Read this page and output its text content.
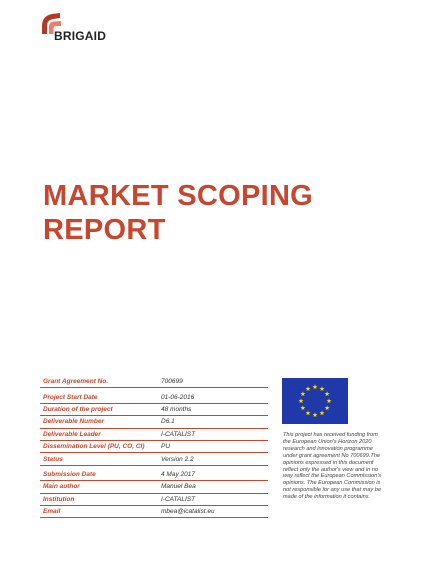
BRIGAID
MARKET SCOPING
REPORT
Grant Agreement No.	700699

Project Start Date	01-06-2016
Duration of the project	48 months
Deliverable Number	D6.1
Deliverable Leader	I-CATALIST
Dissemination Level (PU, CO, CI)	PU
Status	Version 2.2

Submission Date	4 May 2017
Main author	Manuel Bea
Institution	I-CATALIST
Email	mbea@icatalist.eu
This project has received funding from the European Union's Horizon 2020 research and innovation programme under grant agreement No 700699.The opinions expressed in this document reflect only the author's view and in no way reflect the European Commission's opinions. The European Commission is not responsible for any use that may be made of the information it contains.
